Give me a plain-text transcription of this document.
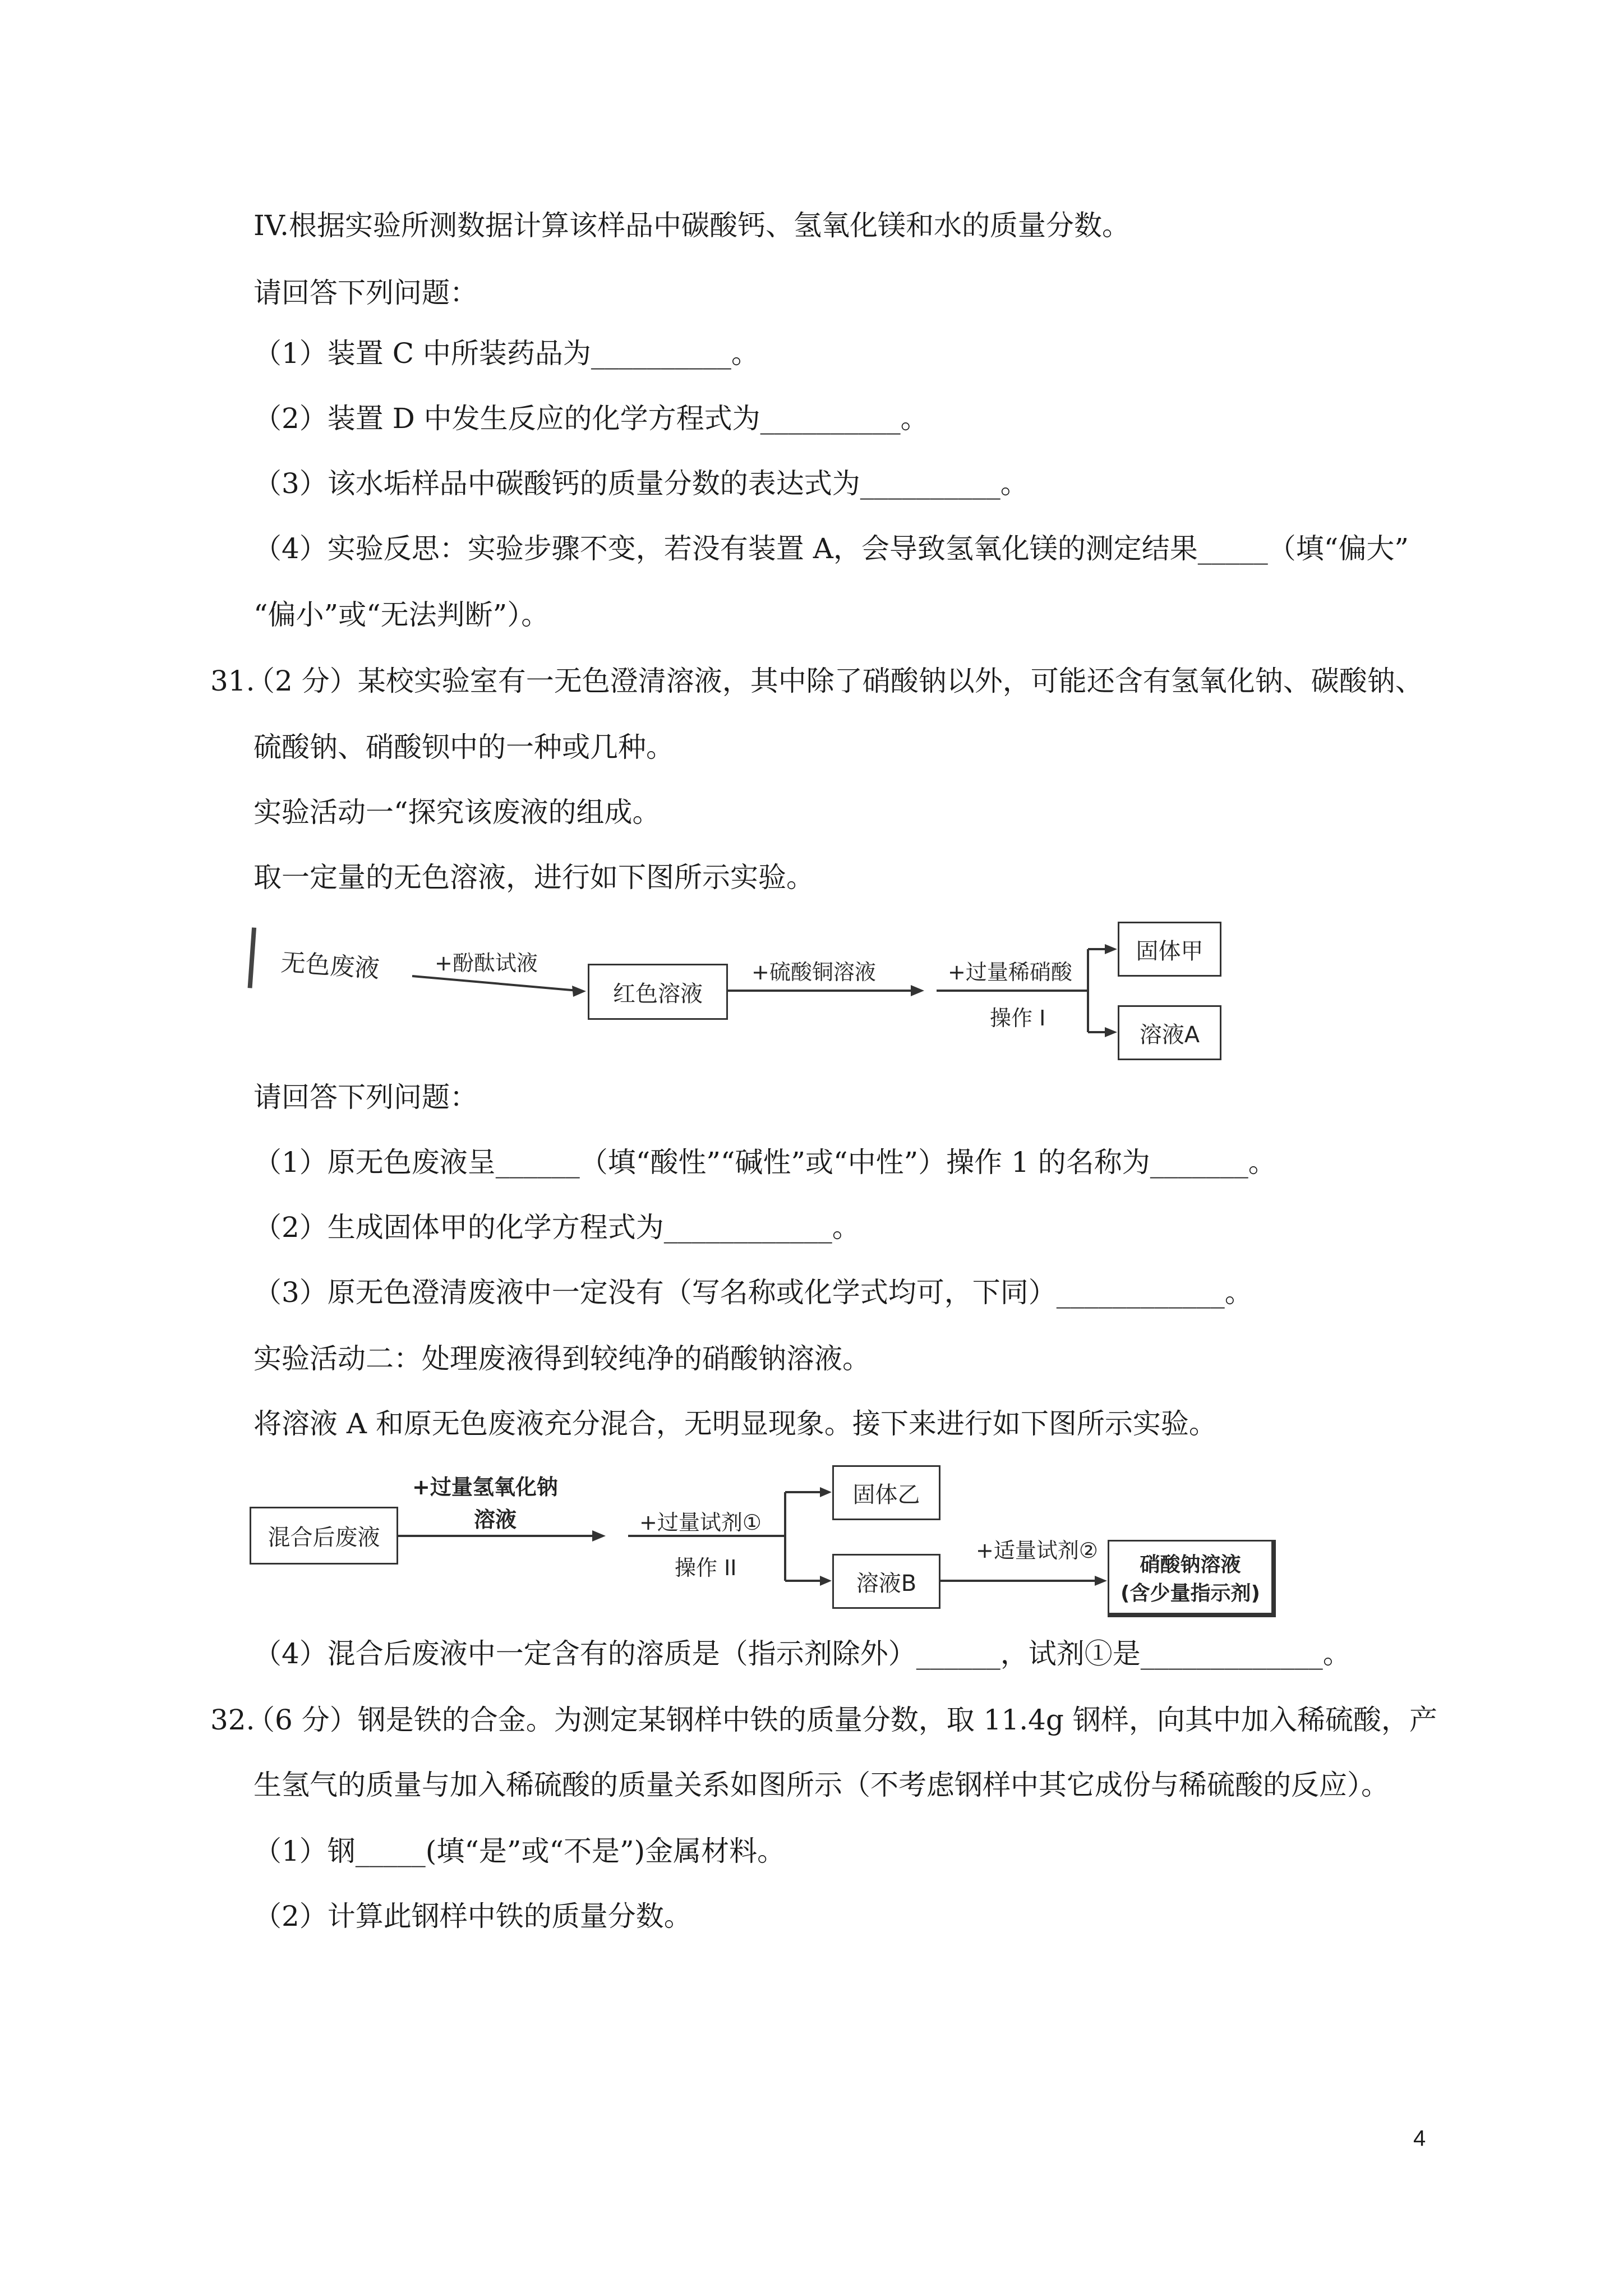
IV.根据实验所测数据计算该样品中碳酸钙、氢氧化镁和水的质量分数。
请回答下列问题：
（1）装置 C 中所装药品为__________。
（2）装置 D 中发生反应的化学方程式为__________。
（3）该水垢样品中碳酸钙的质量分数的表达式为__________。
（4）实验反思：实验步骤不变，若没有装置 A，会导致氢氧化镁的测定结果_____（填“偏大”
“偏小”或“无法判断”）。
31.
（2 分）某校实验室有一无色澄清溶液，其中除了硝酸钠以外，可能还含有氢氧化钠、碳酸钠、
硫酸钠、硝酸钡中的一种或几种。
实验活动一“探究该废液的组成。
取一定量的无色溶液，进行如下图所示实验。
无色废液	+酚酞试液
红色溶液
+硫酸铜溶液	+过量稀硝酸
操作 I
固体甲
溶液A
请回答下列问题：
（1）原无色废液呈______（填“酸性”“碱性”或“中性”）操作 1 的名称为_______。
（2）生成固体甲的化学方程式为____________。
（3）原无色澄清废液中一定没有（写名称或化学式均可，下同）____________。
实验活动二：处理废液得到较纯净的硝酸钠溶液。
将溶液 A 和原无色废液充分混合，无明显现象。接下来进行如下图所示实验。
混合后废液
+过量氢氧化钠
溶液	+过量试剂①
操作 II
固体乙
溶液B
+适量试剂②
硝酸钠溶液
(含少量指示剂)
（4）混合后废液中一定含有的溶质是（指示剂除外）______，试剂①是_____________。
32.
（6 分）钢是铁的合金。为测定某钢样中铁的质量分数，取 11.4g 钢样，向其中加入稀硫酸，产
生氢气的质量与加入稀硫酸的质量关系如图所示（不考虑钢样中其它成份与稀硫酸的反应）。
（1）钢_____(填“是”或“不是”)金属材料。
（2）计算此钢样中铁的质量分数。
4
